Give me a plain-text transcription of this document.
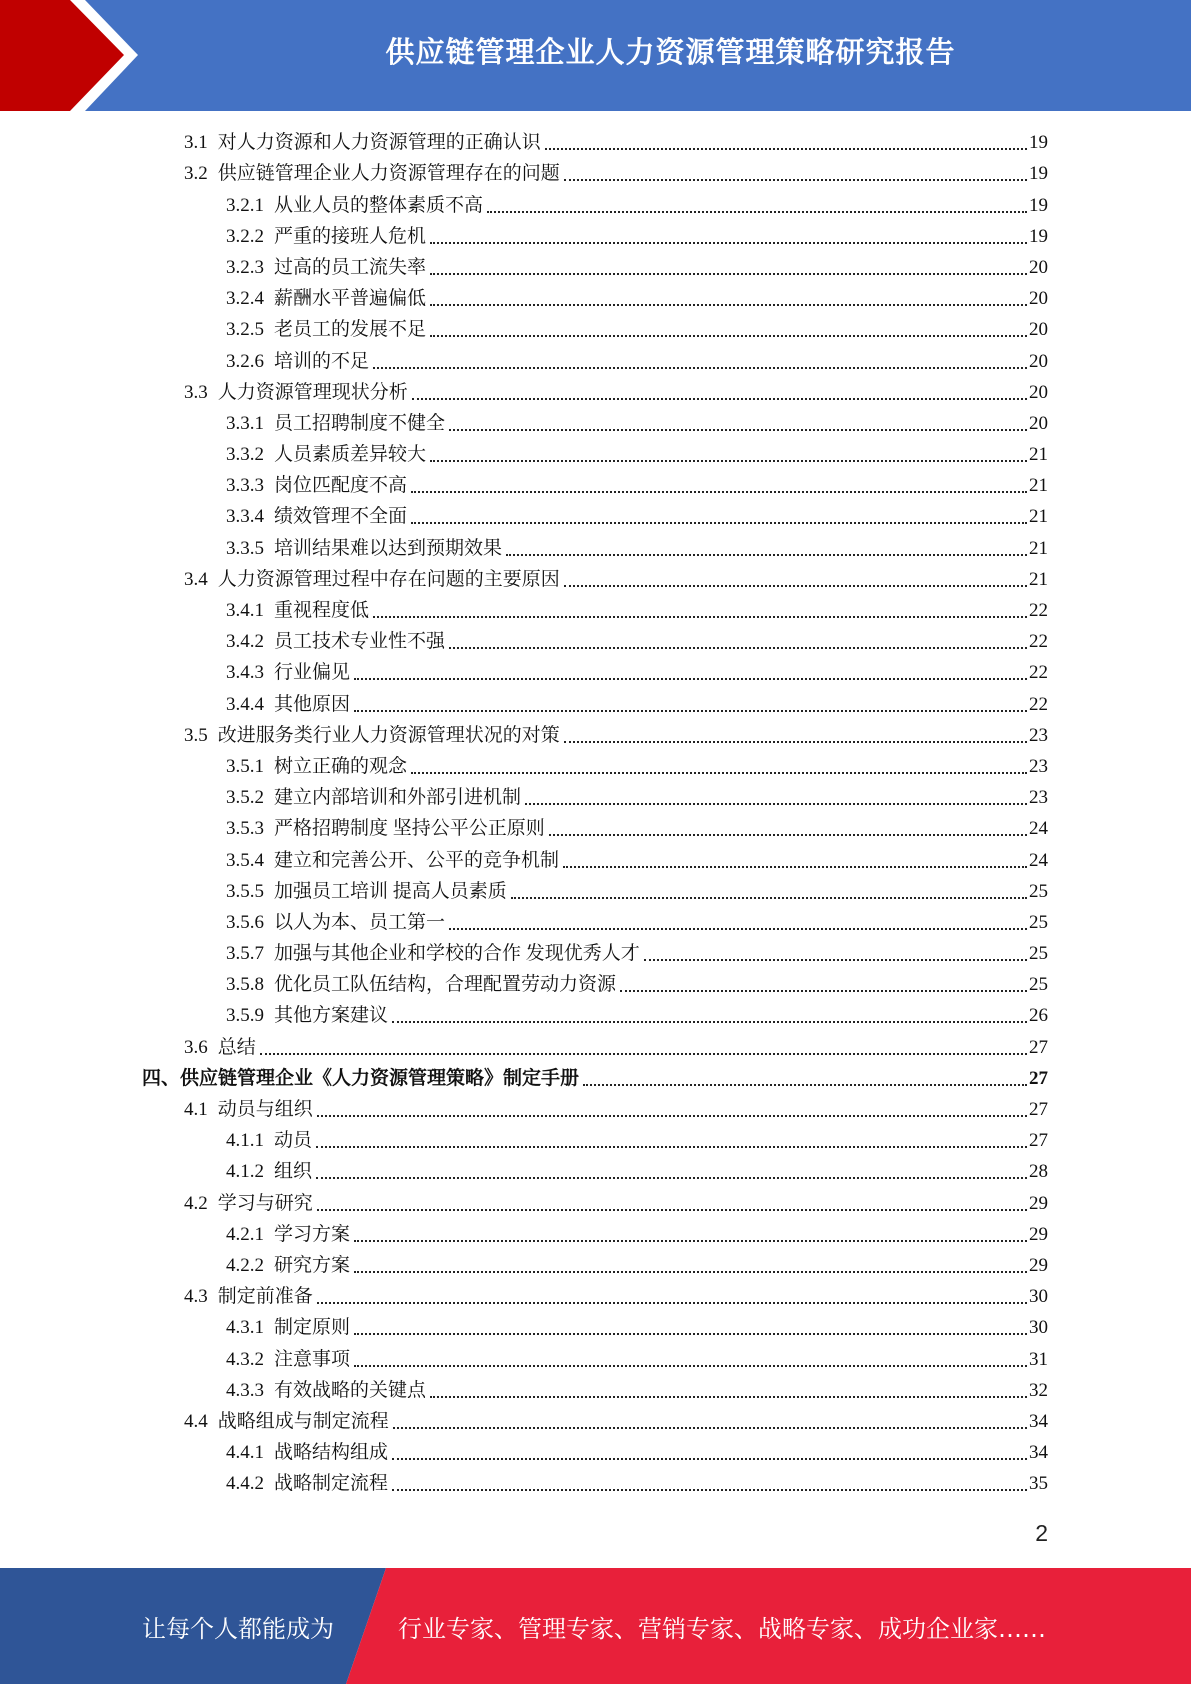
供应链管理企业人力资源管理策略研究报告
3.1 对人力资源和人力资源管理的正确认识	19
3.2 供应链管理企业人力资源管理存在的问题	19
3.2.1 从业人员的整体素质不高	19
3.2.2 严重的接班人危机	19
3.2.3 过高的员工流失率	20
3.2.4 薪酬水平普遍偏低	20
3.2.5 老员工的发展不足	20
3.2.6 培训的不足	20
3.3 人力资源管理现状分析	20
3.3.1 员工招聘制度不健全	20
3.3.2 人员素质差异较大	21
3.3.3 岗位匹配度不高	21
3.3.4 绩效管理不全面	21
3.3.5 培训结果难以达到预期效果	21
3.4 人力资源管理过程中存在问题的主要原因	21
3.4.1 重视程度低	22
3.4.2 员工技术专业性不强	22
3.4.3 行业偏见	22
3.4.4 其他原因	22
3.5 改进服务类行业人力资源管理状况的对策	23
3.5.1 树立正确的观念	23
3.5.2 建立内部培训和外部引进机制	23
3.5.3 严格招聘制度 坚持公平公正原则	24
3.5.4 建立和完善公开、公平的竞争机制	24
3.5.5 加强员工培训 提高人员素质	25
3.5.6 以人为本、员工第一	25
3.5.7 加强与其他企业和学校的合作 发现优秀人才	25
3.5.8 优化员工队伍结构，合理配置劳动力资源	25
3.5.9 其他方案建议	26
3.6 总结	27
四、供应链管理企业《人力资源管理策略》制定手册	27
4.1 动员与组织	27
4.1.1 动员	27
4.1.2 组织	28
4.2 学习与研究	29
4.2.1 学习方案	29
4.2.2 研究方案	29
4.3 制定前准备	30
4.3.1 制定原则	30
4.3.2 注意事项	31
4.3.3 有效战略的关键点	32
4.4 战略组成与制定流程	34
4.4.1 战略结构组成	34
4.4.2 战略制定流程	35
2
让每个人都能成为	行业专家、管理专家、营销专家、战略专家、成功企业家……
